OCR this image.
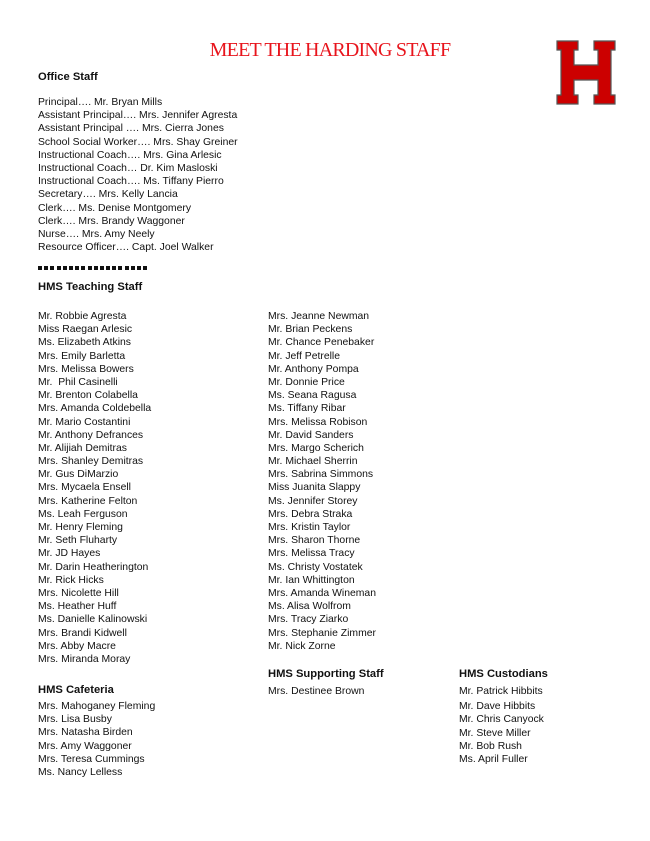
MEET THE HARDING STAFF
Office Staff
Principal…. Mr. Bryan Mills
Assistant Principal…. Mrs. Jennifer Agresta
Assistant Principal …. Mrs. Cierra Jones
School Social Worker…. Mrs. Shay Greiner
Instructional Coach…. Mrs. Gina Arlesic
Instructional Coach… Dr. Kim Masloski
Instructional Coach…. Ms. Tiffany Pierro
Secretary…. Mrs. Kelly Lancia
Clerk…. Ms. Denise Montgomery
Clerk…. Mrs. Brandy Waggoner
Nurse…. Mrs. Amy Neely
Resource Officer…. Capt. Joel Walker
HMS Teaching Staff
Mr. Robbie Agresta
Miss Raegan Arlesic
Ms. Elizabeth Atkins
Mrs. Emily Barletta
Mrs. Melissa Bowers
Mr.  Phil Casinelli
Mr. Brenton Colabella
Mrs. Amanda Coldebella
Mr. Mario Costantini
Mr. Anthony Defrances
Mr. Alijiah Demitras
Mrs. Shanley Demitras
Mr. Gus DiMarzio
Mrs. Mycaela Ensell
Mrs. Katherine Felton
Ms. Leah Ferguson
Mr. Henry Fleming
Mr. Seth Fluharty
Mr. JD Hayes
Mr. Darin Heatherington
Mr. Rick Hicks
Mrs. Nicolette Hill
Ms. Heather Huff
Ms. Danielle Kalinowski
Mrs. Brandi Kidwell
Mrs. Abby Macre
Mrs. Miranda Moray
Mrs. Jeanne Newman
Mr. Brian Peckens
Mr. Chance Penebaker
Mr. Jeff Petrelle
Mr. Anthony Pompa
Mr. Donnie Price
Ms. Seana Ragusa
Ms. Tiffany Ribar
Mrs. Melissa Robison
Mr. David Sanders
Mrs. Margo Scherich
Mr. Michael Sherrin
Mrs. Sabrina Simmons
Miss Juanita Slappy
Ms. Jennifer Storey
Mrs. Debra Straka
Mrs. Kristin Taylor
Mrs. Sharon Thorne
Mrs. Melissa Tracy
Ms. Christy Vostatek
Mr. Ian Whittington
Mrs. Amanda Wineman
Ms. Alisa Wolfrom
Mrs. Tracy Ziarko
Mrs. Stephanie Zimmer
Mr. Nick Zorne
HMS Supporting Staff
Mrs. Destinee Brown
HMS Custodians
Mr. Patrick Hibbits
Mr. Dave Hibbits
Mr. Chris Canyock
Mr. Steve Miller
Mr. Bob Rush
Ms. April Fuller
HMS Cafeteria
Mrs. Mahoganey Fleming
Mrs. Lisa Busby
Mrs. Natasha Birden
Mrs. Amy Waggoner
Mrs. Teresa Cummings
Ms. Nancy Lelless
